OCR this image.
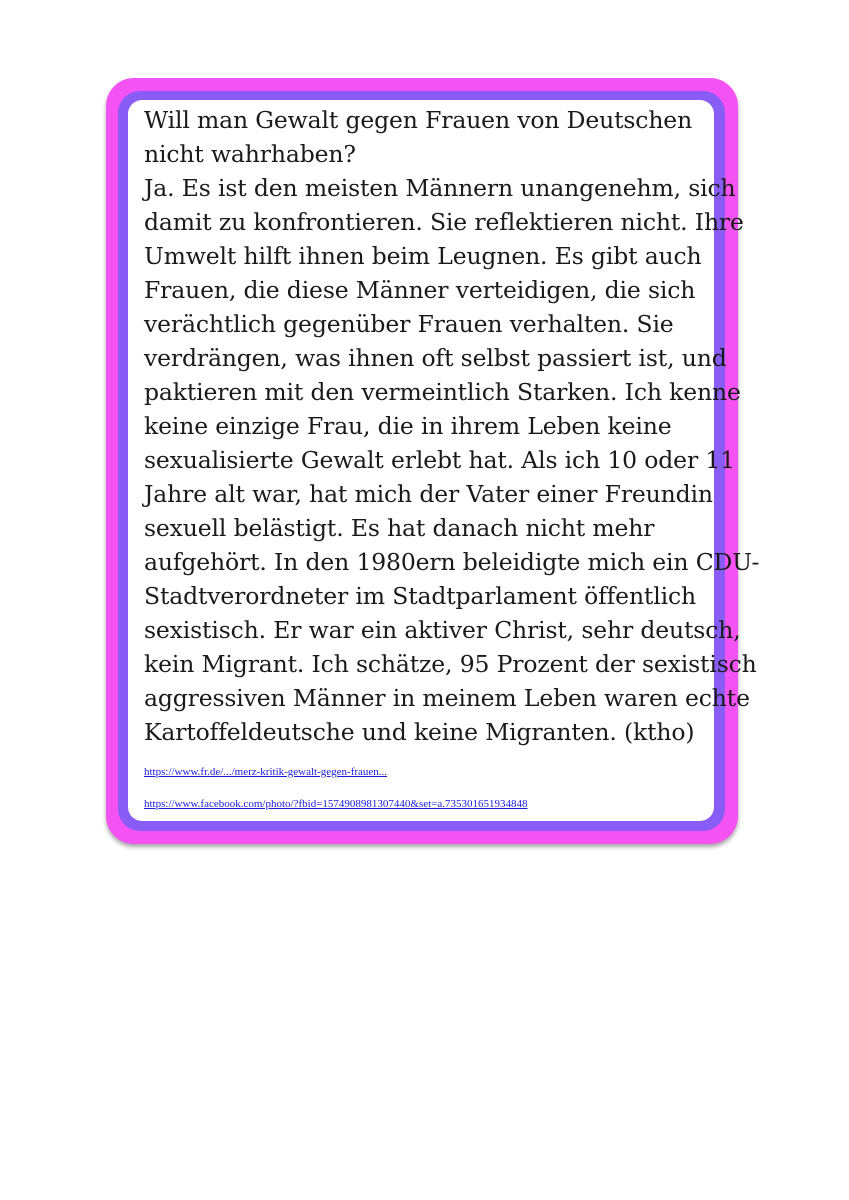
Will man Gewalt gegen Frauen von Deutschen
nicht wahrhaben?
Ja. Es ist den meisten Männern unangenehm, sich
damit zu konfrontieren. Sie reflektieren nicht. Ihre
Umwelt hilft ihnen beim Leugnen. Es gibt auch
Frauen, die diese Männer verteidigen, die sich
verächtlich gegenüber Frauen verhalten. Sie
verdrängen, was ihnen oft selbst passiert ist, und
paktieren mit den vermeintlich Starken. Ich kenne
keine einzige Frau, die in ihrem Leben keine
sexualisierte Gewalt erlebt hat. Als ich 10 oder 11
Jahre alt war, hat mich der Vater einer Freundin
sexuell belästigt. Es hat danach nicht mehr
aufgehört. In den 1980ern beleidigte mich ein CDU-
Stadtverordneter im Stadtparlament öffentlich
sexistisch. Er war ein aktiver Christ, sehr deutsch,
kein Migrant. Ich schätze, 95 Prozent der sexistisch
aggressiven Männer in meinem Leben waren echte
Kartoffeldeutsche und keine Migranten. (ktho)

https://www.fr.de/.../merz-kritik-gewalt-gegen-frauen...
https://www.facebook.com/photo/?fbid=1574908981307440&set=a.735301651934848
